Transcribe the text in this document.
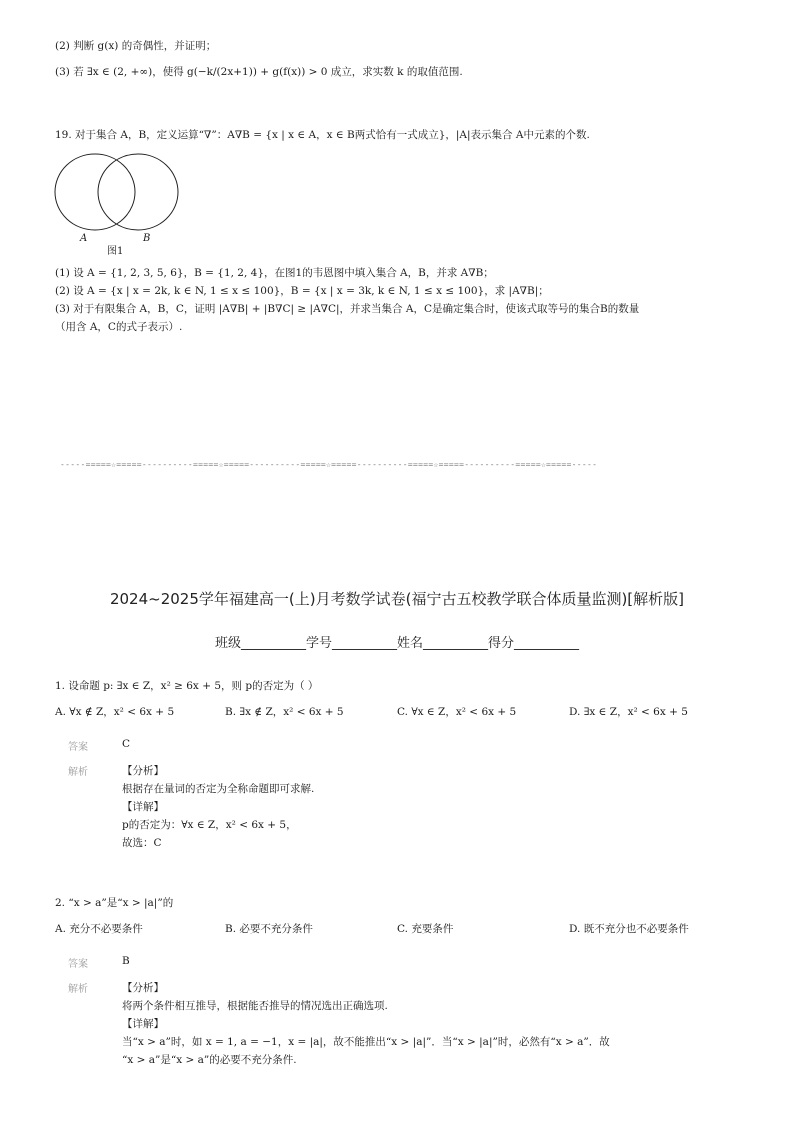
(2) 判断 g(x) 的奇偶性，并证明；
(3) 若 ∃x ∈ (2, +∞)，使得 g(−k/(2x+1)) + g(f(x)) > 0 成立，求实数 k 的取值范围.
19. 对于集合 A，B，定义运算“∇”：A∇B = {x | x ∈ A，x ∈ B两式恰有一式成立}，|A|表示集合 A中元素的个数.
A	B
图1
(1) 设 A = {1, 2, 3, 5, 6}，B = {1, 2, 4}，在图1的韦恩图中填入集合 A，B，并求 A∇B；
(2) 设 A = {x | x = 2k, k ∈ N, 1 ≤ x ≤ 100}，B = {x | x = 3k, k ∈ N, 1 ≤ x ≤ 100}，求 |A∇B|；
(3) 对于有限集合 A，B，C，证明 |A∇B| + |B∇C| ≥ |A∇C|，并求当集合 A，C是确定集合时，使该式取等号的集合B的数量
（用含 A，C的式子表示）.
-----=====☆=====----------=====☆=====----------=====☆=====----------=====☆=====----------=====☆=====-----
2024~2025学年福建高一(上)月考数学试卷(福宁古五校教学联合体质量监测)[解析版]
班级__________学号__________姓名__________得分__________
1. 设命题 p: ∃x ∈ Z，x² ≥ 6x + 5，则 p的否定为（ ）
A. ∀x ∉ Z，x² < 6x + 5	B. ∃x ∉ Z，x² < 6x + 5	C. ∀x ∈ Z，x² < 6x + 5	D. ∃x ∈ Z，x² < 6x + 5
答案	C
解析	【分析】
根据存在量词的否定为全称命题即可求解.
【详解】
p的否定为：∀x ∈ Z，x² < 6x + 5，
故选：C
2. “x > a”是“x > |a|”的
A. 充分不必要条件	B. 必要不充分条件	C. 充要条件	D. 既不充分也不必要条件
答案	B
解析	【分析】
将两个条件相互推导，根据能否推导的情况选出正确选项.
【详解】
当“x > a”时，如 x = 1, a = −1，x = |a|，故不能推出“x > |a|”．当“x > |a|”时，必然有“x > a”．故
“x > a”是“x > a”的必要不充分条件.
